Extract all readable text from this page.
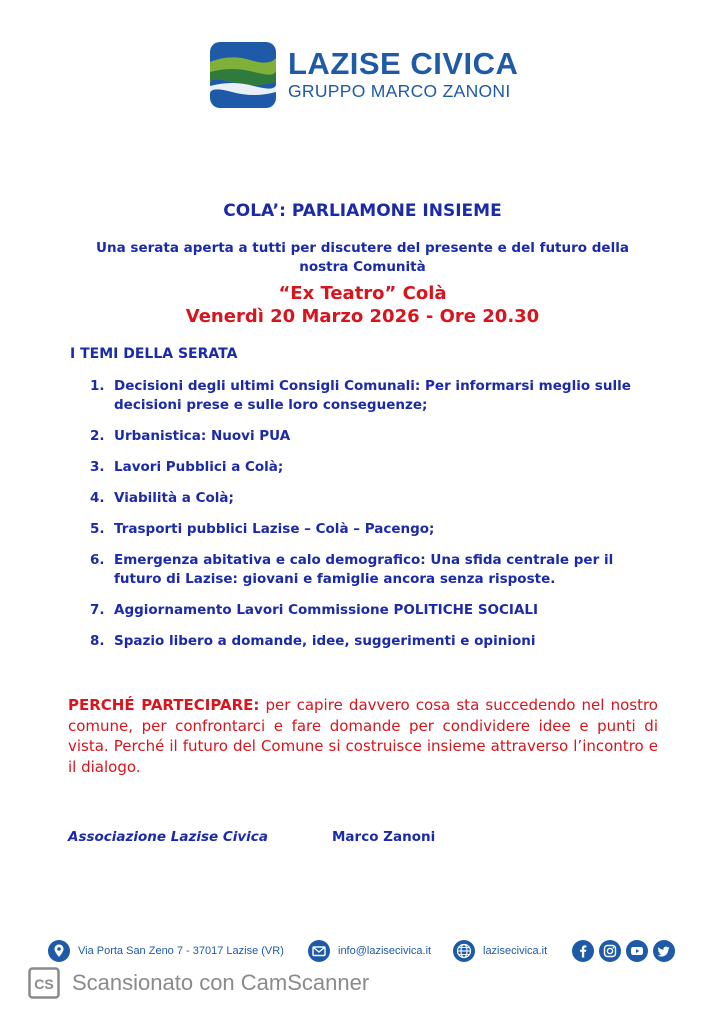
LAZISE CIVICA
GRUPPO MARCO ZANONI
COLA’: PARLIAMONE INSIEME
Una serata aperta a tutti per discutere del presente e del futuro della nostra Comunità
“Ex Teatro” Colà
Venerdì 20 Marzo 2026 - Ore 20.30
I TEMI DELLA SERATA
1. Decisioni degli ultimi Consigli Comunali: Per informarsi meglio sulle decisioni prese e sulle loro conseguenze;
2. Urbanistica: Nuovi PUA
3. Lavori Pubblici a Colà;
4. Viabilità a Colà;
5. Trasporti pubblici Lazise – Colà – Pacengo;
6. Emergenza abitativa e calo demografico: Una sfida centrale per il futuro di Lazise: giovani e famiglie ancora senza risposte.
7. Aggiornamento Lavori Commissione POLITICHE SOCIALI
8. Spazio libero a domande, idee, suggerimenti e opinioni
PERCHÉ PARTECIPARE: per capire davvero cosa sta succedendo nel nostro comune, per confrontarci e fare domande per condividere idee e punti di vista. Perché il futuro del Comune si costruisce insieme attraverso l’incontro e il dialogo.
Associazione Lazise Civica	Marco Zanoni
Via Porta San Zeno 7 - 37017 Lazise (VR)	info@lazisecivica.it	lazisecivica.it
CS Scansionato con CamScanner
